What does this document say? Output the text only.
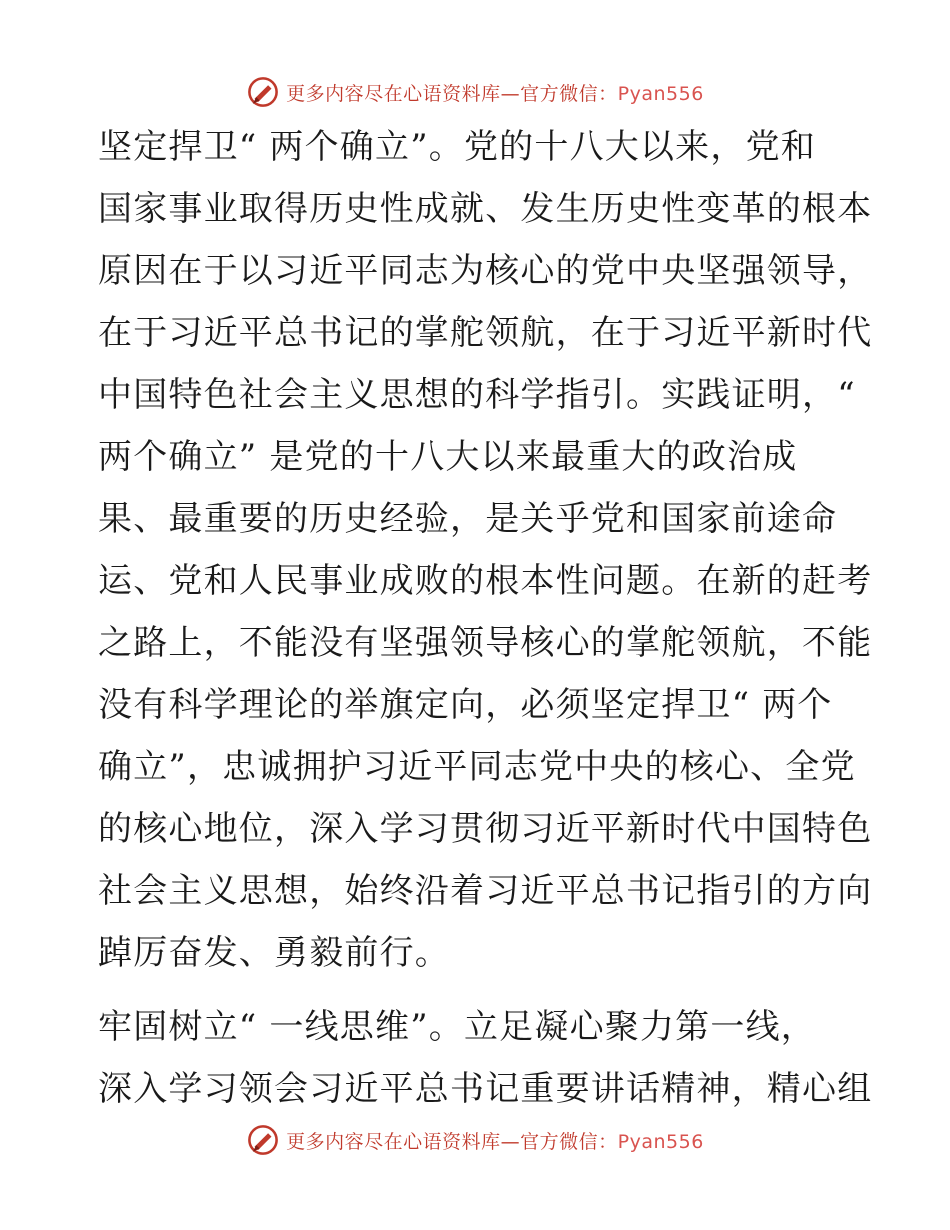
更多内容尽在心语资料库—官方微信：Pyan556

坚定捍卫“ 两个确立”。党的十八大以来，党和
国家事业取得历史性成就、发生历史性变革的根本
原因在于以习近平同志为核心的党中央坚强领导，
在于习近平总书记的掌舵领航，在于习近平新时代
中国特色社会主义思想的科学指引。实践证明，“
两个确立” 是党的十八大以来最重大的政治成
果、最重要的历史经验，是关乎党和国家前途命
运、党和人民事业成败的根本性问题。在新的赶考
之路上，不能没有坚强领导核心的掌舵领航，不能
没有科学理论的举旗定向，必须坚定捍卫“ 两个
确立”，忠诚拥护习近平同志党中央的核心、全党
的核心地位，深入学习贯彻习近平新时代中国特色
社会主义思想，始终沿着习近平总书记指引的方向
踔厉奋发、勇毅前行。

牢固树立“ 一线思维”。立足凝心聚力第一线，
深入学习领会习近平总书记重要讲话精神，精心组

更多内容尽在心语资料库—官方微信：Pyan556
